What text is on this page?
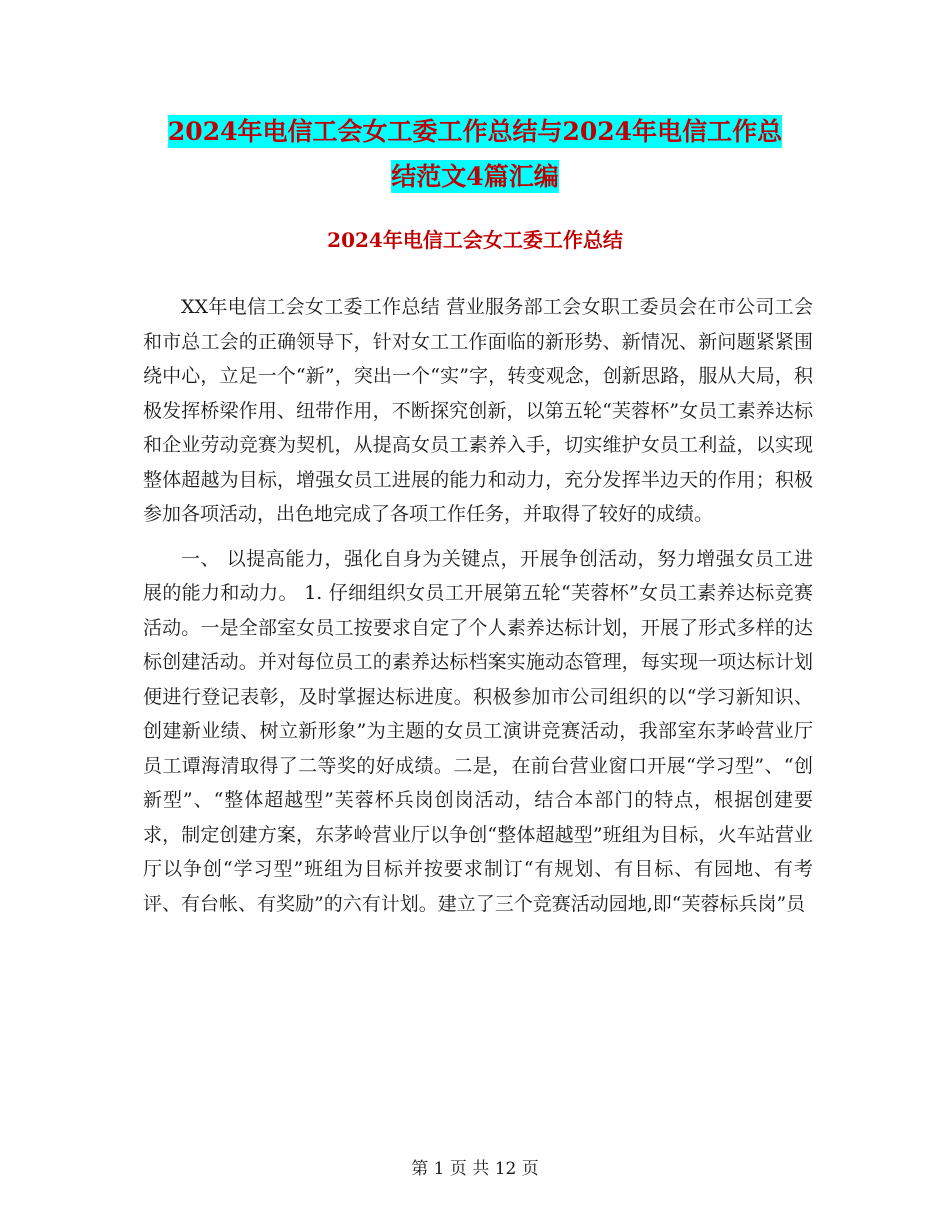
2024年电信工会女工委工作总结与2024年电信工作总
结范文4篇汇编
2024年电信工会女工委工作总结

XX年电信工会女工委工作总结 营业服务部工会女职工委员会在市公司工会和市总工会的正确领导下，针对女工工作面临的新形势、新情况、新问题紧紧围绕中心，立足一个“新”，突出一个“实”字，转变观念，创新思路，服从大局，积极发挥桥梁作用、纽带作用，不断探究创新，以第五轮“芙蓉杯”女员工素养达标和企业劳动竞赛为契机，从提高女员工素养入手，切实维护女员工利益，以实现整体超越为目标，增强女员工进展的能力和动力，充分发挥半边天的作用；积极参加各项活动，出色地完成了各项工作任务，并取得了较好的成绩。

一、 以提高能力，强化自身为关键点，开展争创活动，努力增强女员工进展的能力和动力。 1. 仔细组织女员工开展第五轮“芙蓉杯”女员工素养达标竞赛活动。一是全部室女员工按要求自定了个人素养达标计划，开展了形式多样的达标创建活动。并对每位员工的素养达标档案实施动态管理，每实现一项达标计划便进行登记表彰，及时掌握达标进度。积极参加市公司组织的以“学习新知识、创建新业绩、树立新形象”为主题的女员工演讲竞赛活动，我部室东茅岭营业厅员工谭海清取得了二等奖的好成绩。二是，在前台营业窗口开展“学习型”、“创新型”、“整体超越型”芙蓉杯兵岗创岗活动，结合本部门的特点，根据创建要求，制定创建方案，东茅岭营业厅以争创“整体超越型”班组为目标，火车站营业厅以争创“学习型”班组为目标并按要求制订“有规划、有目标、有园地、有考评、有台帐、有奖励”的六有计划。建立了三个竞赛活动园地,即“芙蓉标兵岗”员

第 1 页 共 12 页
